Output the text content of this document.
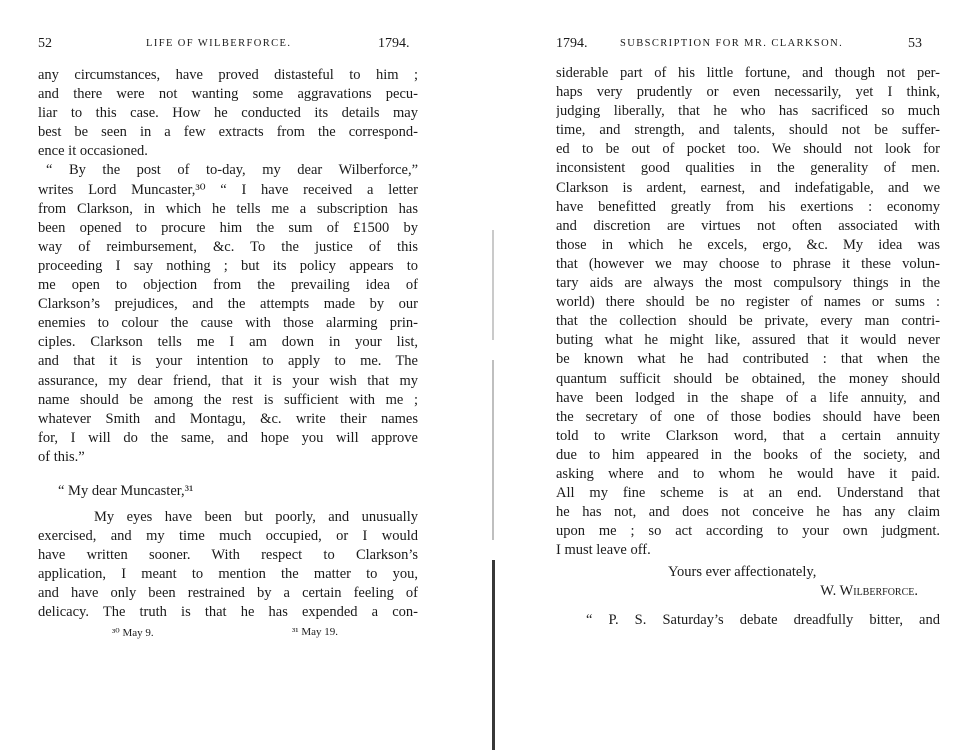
52	LIFE OF WILBERFORCE.	1794.
any circumstances, have proved distasteful to him ;
and there were not wanting some aggravations pecu-
liar to this case. How he conducted its details may
best be seen in a few extracts from the correspond-
ence it occasioned.
“ By the post of to-day, my dear Wilberforce,”
writes Lord Muncaster,³⁰ “ I have received a letter
from Clarkson, in which he tells me a subscription has
been opened to procure him the sum of £1500 by
way of reimbursement, &c. To the justice of this
proceeding I say nothing ; but its policy appears to
me open to objection from the prevailing idea of
Clarkson’s prejudices, and the attempts made by our
enemies to colour the cause with those alarming prin-
ciples. Clarkson tells me I am down in your list,
and that it is your intention to apply to me. The
assurance, my dear friend, that it is your wish that my
name should be among the rest is sufficient with me ;
whatever Smith and Montagu, &c. write their names
for, I will do the same, and hope you will approve
of this.”
“ My dear Muncaster,³¹
My eyes have been but poorly, and unusually
exercised, and my time much occupied, or I would
have written sooner. With respect to Clarkson’s
application, I meant to mention the matter to you,
and have only been restrained by a certain feeling of
delicacy. The truth is that he has expended a con-
³⁰ May 9.	³¹ May 19.
1794.	SUBSCRIPTION FOR MR. CLARKSON.	53
siderable part of his little fortune, and though not per-
haps very prudently or even necessarily, yet I think,
judging liberally, that he who has sacrificed so much
time, and strength, and talents, should not be suffer-
ed to be out of pocket too. We should not look for
inconsistent good qualities in the generality of men.
Clarkson is ardent, earnest, and indefatigable, and we
have benefitted greatly from his exertions : economy
and discretion are virtues not often associated with
those in which he excels, ergo, &c. My idea was
that (however we may choose to phrase it these volun-
tary aids are always the most compulsory things in the
world) there should be no register of names or sums :
that the collection should be private, every man contri-
buting what he might like, assured that it would never
be known what he had contributed : that when the
quantum sufficit should be obtained, the money should
have been lodged in the shape of a life annuity, and
the secretary of one of those bodies should have been
told to write Clarkson word, that a certain annuity
due to him appeared in the books of the society, and
asking where and to whom he would have it paid.
All my fine scheme is at an end. Understand that
he has not, and does not conceive he has any claim
upon me ; so act according to your own judgment.
I must leave off.
Yours ever affectionately,
W. Wilberforce.
“ P. S. Saturday’s debate dreadfully bitter, and
